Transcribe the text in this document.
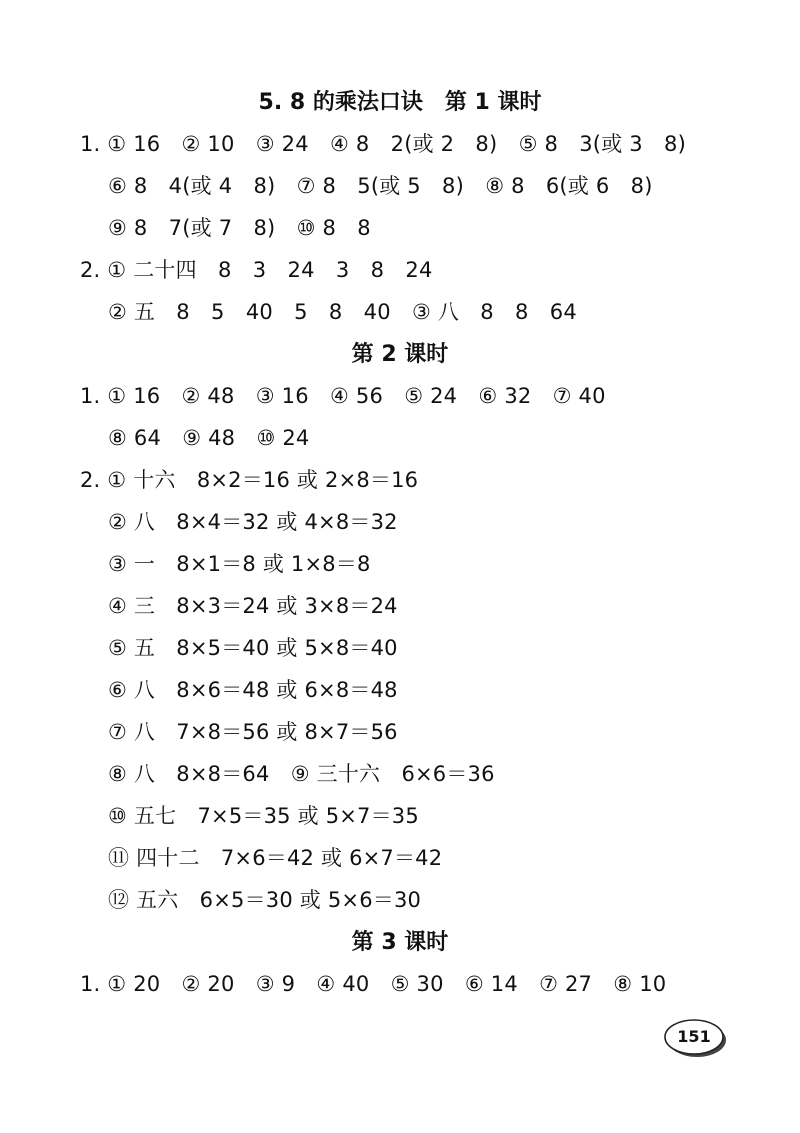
5. 8 的乘法口诀　第 1 课时
1. ① 16　② 10　③ 24　④ 8　2(或 2　8)　⑤ 8　3(或 3　8)
⑥ 8　4(或 4　8)　⑦ 8　5(或 5　8)　⑧ 8　6(或 6　8)
⑨ 8　7(或 7　8)　⑩ 8　8
2. ① 二十四　8　3　24　3　8　24
② 五　8　5　40　5　8　40　③ 八　8　8　64
第 2 课时
1. ① 16　② 48　③ 16　④ 56　⑤ 24　⑥ 32　⑦ 40
⑧ 64　⑨ 48　⑩ 24
2. ① 十六　8×2＝16 或 2×8＝16
② 八　8×4＝32 或 4×8＝32
③ 一　8×1＝8 或 1×8＝8
④ 三　8×3＝24 或 3×8＝24
⑤ 五　8×5＝40 或 5×8＝40
⑥ 八　8×6＝48 或 6×8＝48
⑦ 八　7×8＝56 或 8×7＝56
⑧ 八　8×8＝64　⑨ 三十六　6×6＝36
⑩ 五七　7×5＝35 或 5×7＝35
⑪ 四十二　7×6＝42 或 6×7＝42
⑫ 五六　6×5＝30 或 5×6＝30
第 3 课时
1. ① 20　② 20　③ 9　④ 40　⑤ 30　⑥ 14　⑦ 27　⑧ 10
151
